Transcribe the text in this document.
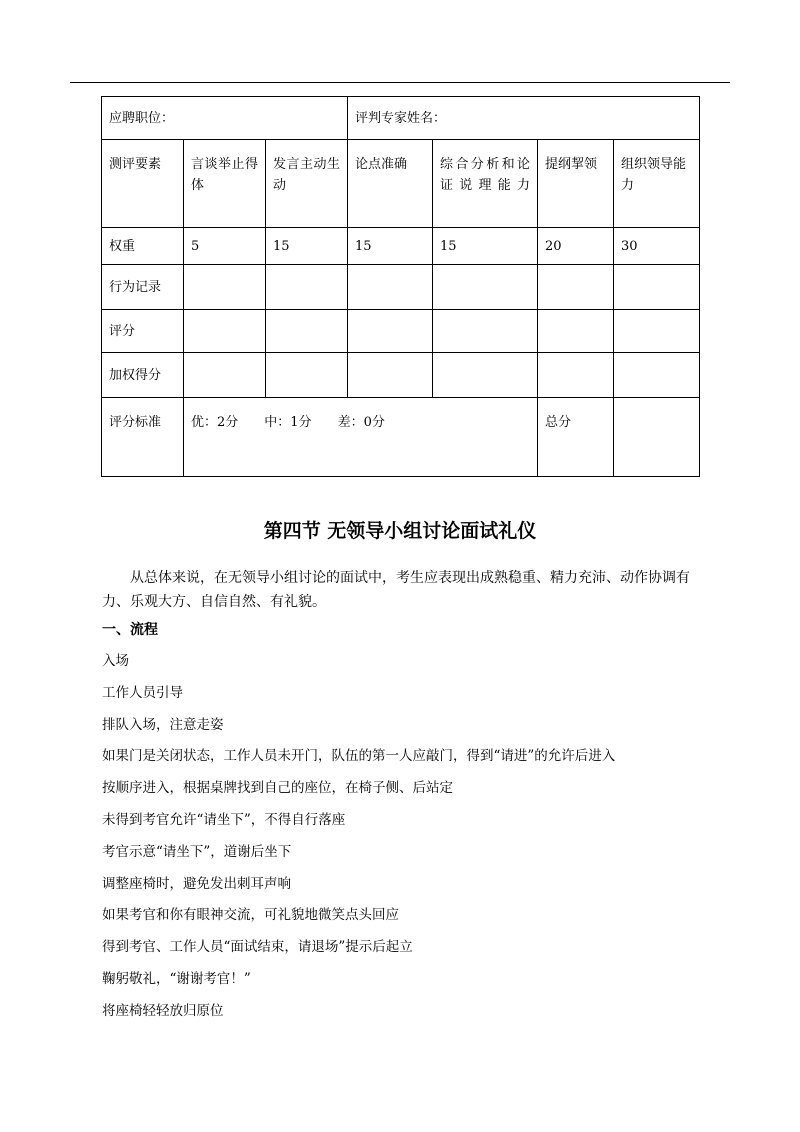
应聘职位：			评判专家姓名：			
测评要素	言谈举止得体	发言主动生动	论点准确	综合分析和论证说理能力	提纲挈领	组织领导能力

权重	5	15	15	15	20	30
行为记录						
评分						
加权得分						
评分标准	优：2分 中：1分 差：0分				总分	
第四节 无领导小组讨论面试礼仪

从总体来说，在无领导小组讨论的面试中，考生应表现出成熟稳重、精力充沛、动作协调有力、乐观大方、自信自然、有礼貌。

一、流程

入场
工作人员引导
排队入场，注意走姿
如果门是关闭状态，工作人员未开门，队伍的第一人应敲门，得到“请进”的允许后进入
按顺序进入，根据桌牌找到自己的座位，在椅子侧、后站定
未得到考官允许“请坐下”，不得自行落座
考官示意“请坐下”，道谢后坐下
调整座椅时，避免发出刺耳声响
如果考官和你有眼神交流，可礼貌地微笑点头回应
得到考官、工作人员“面试结束，请退场”提示后起立
鞠躬敬礼，“谢谢考官！”
将座椅轻轻放归原位
